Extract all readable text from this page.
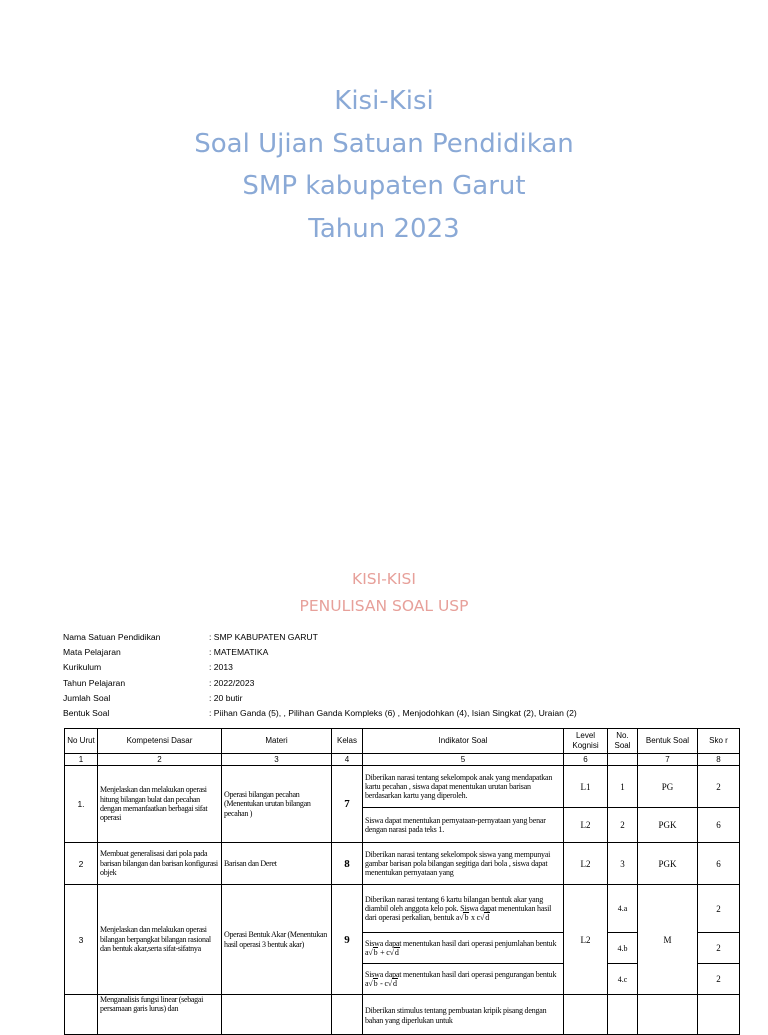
Kisi-Kisi
Soal Ujian Satuan Pendidikan
SMP kabupaten Garut
Tahun 2023
KISI-KISI
PENULISAN SOAL USP
Nama Satuan Pendidikan	: SMP KABUPATEN GARUT
Mata Pelajaran	: MATEMATIKA
Kurikulum	: 2013
Tahun Pelajaran	: 2022/2023
Jumlah Soal	: 20 butir
Bentuk Soal	: Piihan Ganda (5), , Pilihan Ganda Kompleks (6) , Menjodohkan (4), Isian Singkat (2), Uraian (2)
No Urut	Kompetensi Dasar	Materi	Kelas	Indikator Soal	Level Kognisi	No. Soal	Bentuk Soal	Sko r
1	2	3	4	5	6		7	8
1.	Menjelaskan dan melakukan operasi hitung bilangan bulat dan pecahan dengan memanfaatkan berbagai sifat operasi	Operasi bilangan pecahan (Menentukan urutan bilangan pecahan )	7	Diberikan narasi tentang sekelompok anak yang mendapatkan kartu pecahan , siswa dapat menentukan urutan barisan berdasarkan kartu yang diperoleh.	L1	1	PG	2
				Siswa dapat menentukan pernyataan-pernyataan yang benar dengan narasi pada teks 1.	L2	2	PGK	6
2	Membuat generalisasi dari pola pada barisan bilangan dan barisan konfigurasi objek	Barisan dan Deret	8	Diberikan narasi tentang sekelompok siswa yang mempunyai gambar barisan pola bilangan segitiga dari bola , siswa dapat menentukan pernyataan yang	L2	3	PGK	6
3	Menjelaskan dan melakukan operasi bilangan berpangkat bilangan rasional dan bentuk akar,serta sifat-sifatnya	Operasi Bentuk Akar (Menentukan hasil operasi 3 bentuk akar)	9	Diberikan narasi tentang 6 kartu bilangan bentuk akar yang diambil oleh anggota kelo pok. Siswa dapat menentukan hasil dari operasi perkalian, bentuk a√b x c√d	L2	4.a	M	2
				Siswa dapat menentukan hasil dari operasi penjumlahan bentuk a√b + c√d		4.b		2
				Siswa dapat menentukan hasil dari operasi pengurangan bentuk a√b - c√d		4.c		2
	Menganalisis fungsi linear (sebagai persamaan garis lurus) dan			Diberikan stimulus tentang pembuatan kripik pisang dengan bahan yang diperlukan untuk				
